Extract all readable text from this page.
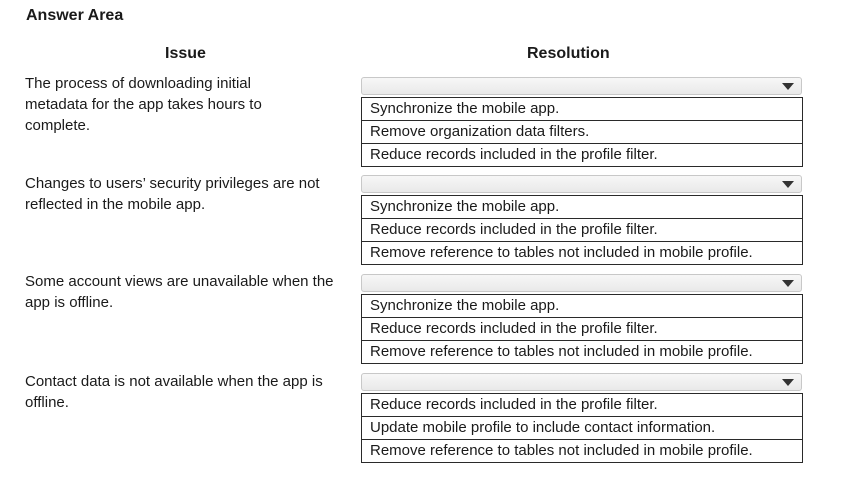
Answer Area
Issue	Resolution
The process of downloading initial metadata for the app takes hours to complete.
Synchronize the mobile app.
Remove organization data filters.
Reduce records included in the profile filter.
Changes to users’ security privileges are not reflected in the mobile app.	Synchronize the mobile app.
Reduce records included in the profile filter.
Remove reference to tables not included in mobile profile.
Some account views are unavailable when the app is offline.	Synchronize the mobile app.
Reduce records included in the profile filter.
Remove reference to tables not included in mobile profile.
Contact data is not available when the app is offline.	Reduce records included in the profile filter.
Update mobile profile to include contact information.
Remove reference to tables not included in mobile profile.
